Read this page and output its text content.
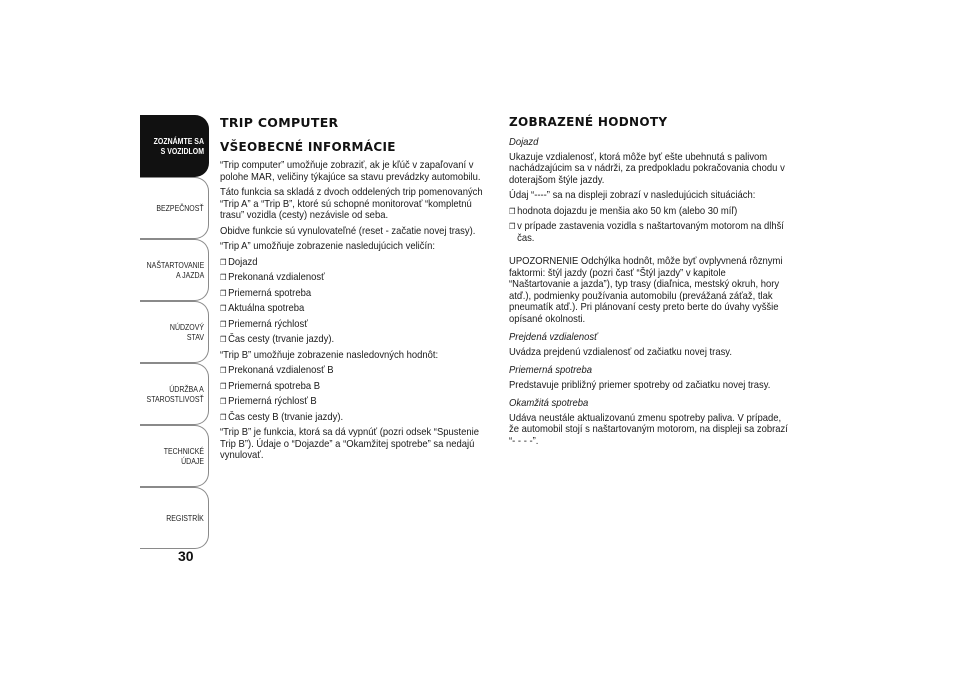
ZOZNÁMTE SA S VOZIDLOM
BEZPEČNOSŤ
NAŠTARTOVANIE A JAZDA
NÚDZOVÝ STAV
ÚDRŽBA A STAROSTLIVOSŤ
TECHNICKÉ ÚDAJE
REGISTRÍK
30
TRIP COMPUTER
VŠEOBECNÉ INFORMÁCIE

“Trip computer” umožňuje zobraziť, ak je kľúč v zapaľovaní v polohe MAR, veličiny týkajúce sa stavu prevádzky automobilu.

Táto funkcia sa skladá z dvoch oddelených trip pomenovaných “Trip A” a “Trip B”, ktoré sú schopné monitorovať “kompletnú trasu” vozidla (cesty) nezávisle od seba.

Obidve funkcie sú vynulovateľné (reset - začatie novej trasy).

“Trip A” umožňuje zobrazenie nasledujúcich veličín:

❒ Dojazd
❒ Prekonaná vzdialenosť
❒ Priemerná spotreba
❒ Aktuálna spotreba
❒ Priemerná rýchlosť
❒ Čas cesty (trvanie jazdy).

“Trip B” umožňuje zobrazenie nasledovných hodnôt:

❒ Prekonaná vzdialenosť B
❒ Priemerná spotreba B
❒ Priemerná rýchlosť B
❒ Čas cesty B (trvanie jazdy).

“Trip B” je funkcia, ktorá sa dá vypnúť (pozri odsek “Spustenie Trip B”). Údaje o “Dojazde” a “Okamžitej spotrebe” sa nedajú vynulovať.

ZOBRAZENÉ HODNOTY

Dojazd

Ukazuje vzdialenosť, ktorá môže byť ešte ubehnutá s palivom nachádzajúcim sa v nádrži, za predpokladu pokračovania chodu v doterajšom štýle jazdy.

Údaj “----” sa na displeji zobrazí v nasledujúcich situáciách:

❒ hodnota dojazdu je menšia ako 50 km (alebo 30 míľ)
❒ v prípade zastavenia vozidla s naštartovaným motorom na dlhší čas.

UPOZORNENIE Odchýlka hodnôt, môže byť ovplyvnená rôznymi faktormi: štýl jazdy (pozri časť “Štýl jazdy” v kapitole “Naštartovanie a jazda”), typ trasy (diaľnica, mestský okruh, hory atď.), podmienky používania automobilu (prevážaná záťaž, tlak pneumatík atď.). Pri plánovaní cesty preto berte do úvahy vyššie opísané okolnosti.

Prejdená vzdialenosť

Uvádza prejdenú vzdialenosť od začiatku novej trasy.

Priemerná spotreba

Predstavuje približný priemer spotreby od začiatku novej trasy.

Okamžitá spotreba

Udáva neustále aktualizovanú zmenu spotreby paliva. V prípade, že automobil stojí s naštartovaným motorom, na displeji sa zobrazí “- - - -”.
